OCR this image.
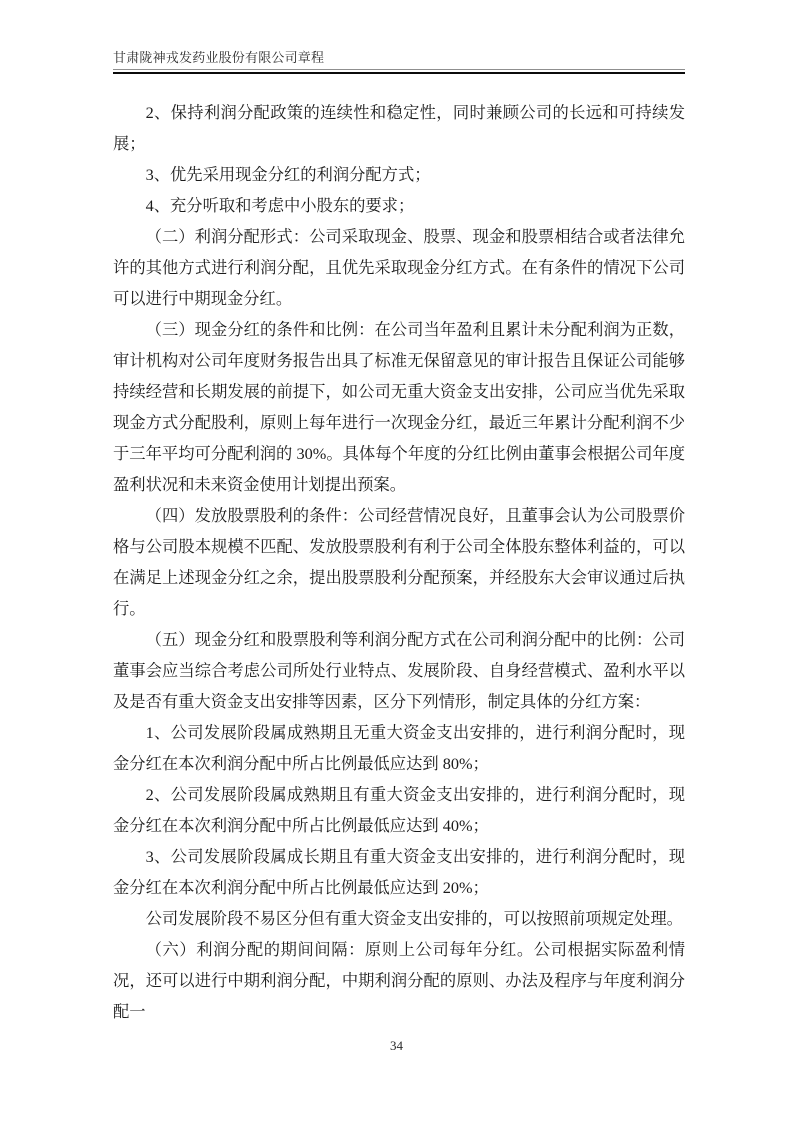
甘肃陇神戎发药业股份有限公司章程

2、保持利润分配政策的连续性和稳定性，同时兼顾公司的长远和可持续发展；

3、优先采用现金分红的利润分配方式；

4、充分听取和考虑中小股东的要求；

（二）利润分配形式：公司采取现金、股票、现金和股票相结合或者法律允许的其他方式进行利润分配，且优先采取现金分红方式。在有条件的情况下公司可以进行中期现金分红。

（三）现金分红的条件和比例：在公司当年盈利且累计未分配利润为正数，审计机构对公司年度财务报告出具了标准无保留意见的审计报告且保证公司能够持续经营和长期发展的前提下，如公司无重大资金支出安排，公司应当优先采取现金方式分配股利，原则上每年进行一次现金分红，最近三年累计分配利润不少于三年平均可分配利润的 30%。具体每个年度的分红比例由董事会根据公司年度盈利状况和未来资金使用计划提出预案。

（四）发放股票股利的条件：公司经营情况良好，且董事会认为公司股票价格与公司股本规模不匹配、发放股票股利有利于公司全体股东整体利益的，可以在满足上述现金分红之余，提出股票股利分配预案，并经股东大会审议通过后执行。

（五）现金分红和股票股利等利润分配方式在公司利润分配中的比例：公司董事会应当综合考虑公司所处行业特点、发展阶段、自身经营模式、盈利水平以及是否有重大资金支出安排等因素，区分下列情形，制定具体的分红方案：

1、公司发展阶段属成熟期且无重大资金支出安排的，进行利润分配时，现金分红在本次利润分配中所占比例最低应达到 80%；

2、公司发展阶段属成熟期且有重大资金支出安排的，进行利润分配时，现金分红在本次利润分配中所占比例最低应达到 40%；

3、公司发展阶段属成长期且有重大资金支出安排的，进行利润分配时，现金分红在本次利润分配中所占比例最低应达到 20%；

公司发展阶段不易区分但有重大资金支出安排的，可以按照前项规定处理。

（六）利润分配的期间间隔：原则上公司每年分红。公司根据实际盈利情况，还可以进行中期利润分配，中期利润分配的原则、办法及程序与年度利润分配一

34
